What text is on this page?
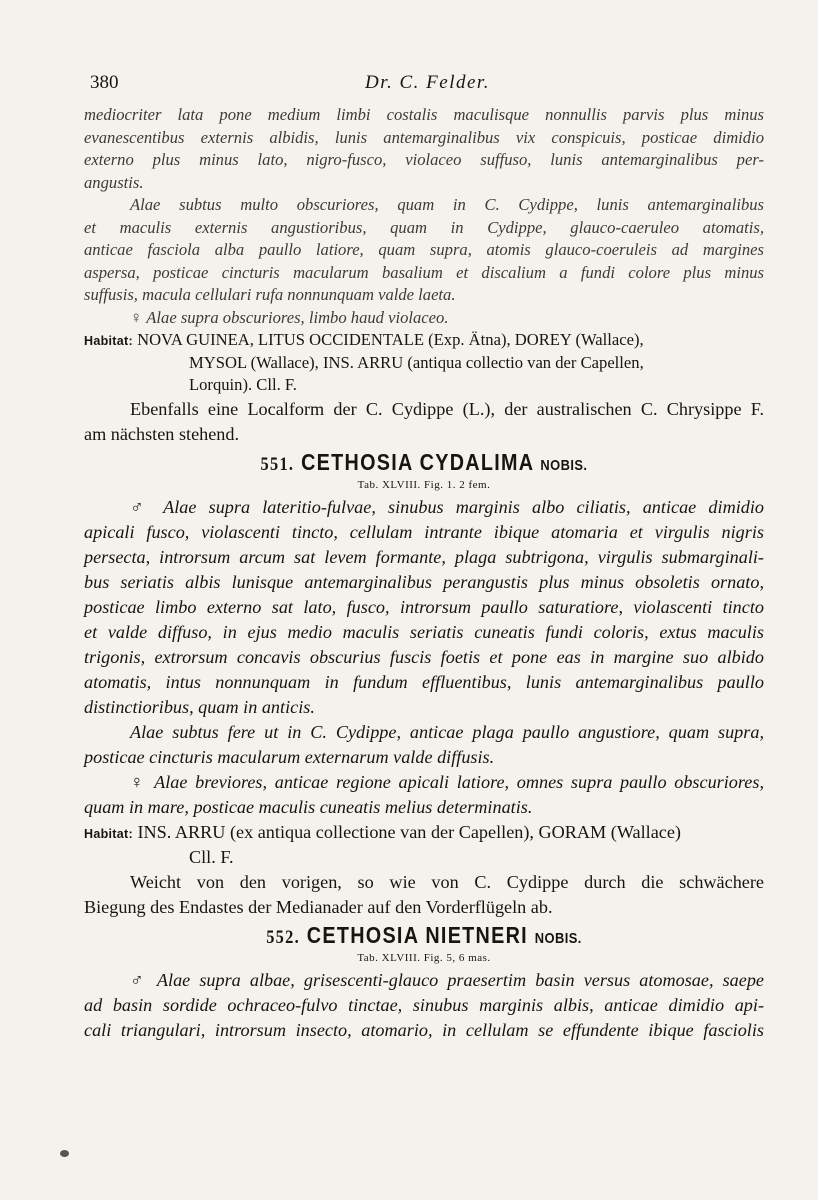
380	Dr. C. Felder.
mediocriter lata pone medium limbi costalis maculisque nonnullis parvis plus minus
evanescentibus externis albidis, lunis antemarginalibus vix conspicuis, posticae dimidio
externo plus minus lato, nigro-fusco, violaceo suffuso, lunis antemarginalibus per-
angustis.
Alae subtus multo obscuriores, quam in C. Cydippe, lunis antemarginalibus
et maculis externis angustioribus, quam in Cydippe, glauco-caeruleo atomatis,
anticae fasciola alba paullo latiore, quam supra, atomis glauco-coeruleis ad margines
aspersa, posticae cincturis macularum basalium et discalium a fundi colore plus minus
suffusis, macula cellulari rufa nonnunquam valde laeta.
♀ Alae supra obscuriores, limbo haud violaceo.
Habitat: NOVA GUINEA, LITUS OCCIDENTALE (Exp. Ätna), DOREY (Wallace),
MYSOL (Wallace), INS. ARRU (antiqua collectio van der Capellen,
Lorquin). Cll. F.
Ebenfalls eine Localform der C. Cydippe (L.), der australischen C. Chrysippe F.
am nächsten stehend.
551. CETHOSIA CYDALIMA NOBIS.
Tab. XLVIII. Fig. 1. 2 fem.
♂ Alae supra lateritio-fulvae, sinubus marginis albo ciliatis, anticae dimidio
apicali fusco, violascenti tincto, cellulam intrante ibique atomaria et virgulis nigris
persecta, introrsum arcum sat levem formante, plaga subtrigona, virgulis submarginali-
bus seriatis albis lunisque antemarginalibus perangustis plus minus obsoletis ornato,
posticae limbo externo sat lato, fusco, introrsum paullo saturatiore, violascenti tincto
et valde diffuso, in ejus medio maculis seriatis cuneatis fundi coloris, extus maculis
trigonis, extrorsum concavis obscurius fuscis foetis et pone eas in margine suo albido
atomatis, intus nonnunquam in fundum effluentibus, lunis antemarginalibus paullo
distinctioribus, quam in anticis.
Alae subtus fere ut in C. Cydippe, anticae plaga paullo angustiore, quam supra,
posticae cincturis macularum externarum valde diffusis.
♀ Alae breviores, anticae regione apicali latiore, omnes supra paullo obscuriores,
quam in mare, posticae maculis cuneatis melius determinatis.
Habitat: INS. ARRU (ex antiqua collectione van der Capellen), GORAM (Wallace)
Cll. F.
Weicht von den vorigen, so wie von C. Cydippe durch die schwächere
Biegung des Endastes der Medianader auf den Vorderflügeln ab.
552. CETHOSIA NIETNERI NOBIS.
Tab. XLVIII. Fig. 5, 6 mas.
♂ Alae supra albae, grisescenti-glauco praesertim basin versus atomosae, saepe
ad basin sordide ochraceo-fulvo tinctae, sinubus marginis albis, anticae dimidio api-
cali triangulari, introrsum insecto, atomario, in cellulam se effundente ibique fasciolis
